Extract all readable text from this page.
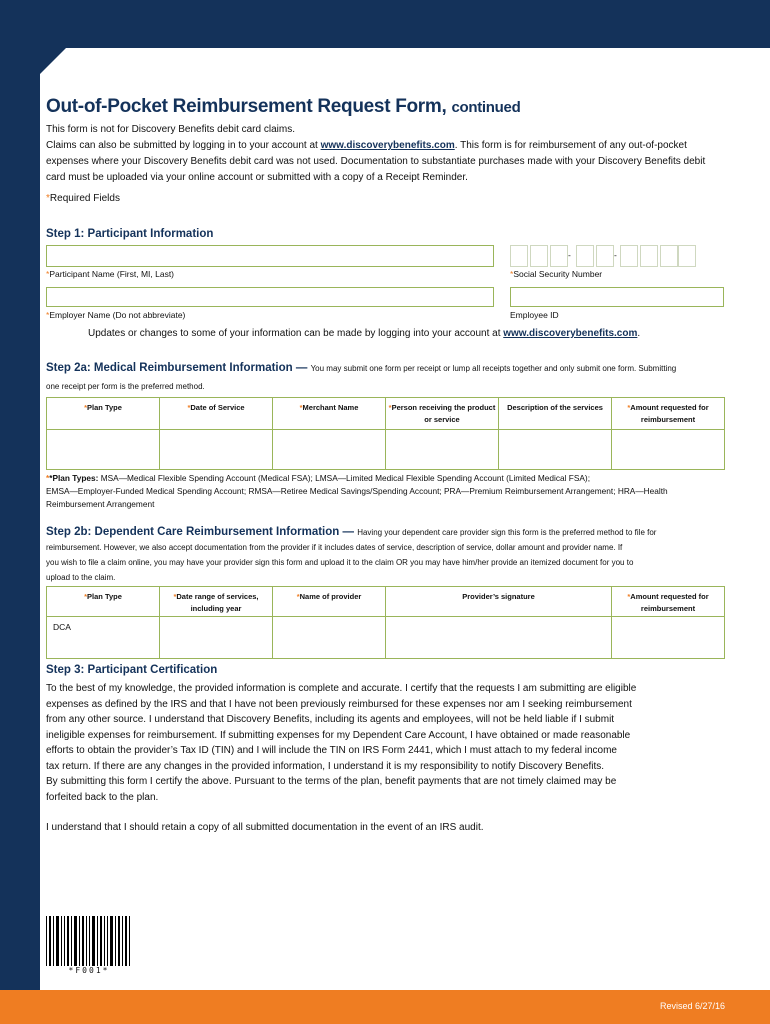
Out-of-Pocket Reimbursement Request Form, continued
This form is not for Discovery Benefits debit card claims.
Claims can also be submitted by logging in to your account at www.discoverybenefits.com. This form is for reimbursement of any out-of-pocket expenses where your Discovery Benefits debit card was not used. Documentation to substantiate purchases made with your Discovery Benefits debit card must be uploaded via your online account or submitted with a copy of a Receipt Reminder.
*Required Fields
Step 1: Participant Information
*Participant Name (First, MI, Last)
-	-
*Social Security Number
*Employer Name (Do not abbreviate)	Employee ID
Updates or changes to some of your information can be made by logging into your account at www.discoverybenefits.com.
Step 2a: Medical Reimbursement Information — You may submit one form per receipt or lump all receipts together and only submit one form. Submitting
one receipt per form is the preferred method.
*Plan Type	*Date of Service	*Merchant Name	*Person receiving the product or service	Description of the services	*Amount requested for reimbursement

**Plan Types: MSA—Medical Flexible Spending Account (Medical FSA); LMSA—Limited Medical Flexible Spending Account (Limited Medical FSA);
EMSA—Employer-Funded Medical Spending Account; RMSA—Retiree Medical Savings/Spending Account; PRA—Premium Reimbursement Arrangement; HRA—Health
Reimbursement Arrangement
Step 2b: Dependent Care Reimbursement Information — Having your dependent care provider sign this form is the preferred method to file for
reimbursement. However, we also accept documentation from the provider if it includes dates of service, description of service, dollar amount and provider name. If
you wish to file a claim online, you may have your provider sign this form and upload it to the claim OR you may have him/her provide an itemized document for you to
upload to the claim.
*Plan Type	*Date range of services, including year	*Name of provider	Provider’s signature	*Amount requested for reimbursement
DCA				
Step 3: Participant Certification
To the best of my knowledge, the provided information is complete and accurate. I certify that the requests I am submitting are eligible
expenses as defined by the IRS and that I have not been previously reimbursed for these expenses nor am I seeking reimbursement
from any other source. I understand that Discovery Benefits, including its agents and employees, will not be held liable if I submit
ineligible expenses for reimbursement. If submitting expenses for my Dependent Care Account, I have obtained or made reasonable
efforts to obtain the provider’s Tax ID (TIN) and I will include the TIN on IRS Form 2441, which I must attach to my federal income
tax return. If there are any changes in the provided information, I understand it is my responsibility to notify Discovery Benefits.
By submitting this form I certify the above. Pursuant to the terms of the plan, benefit payments that are not timely claimed may be
forfeited back to the plan.
I understand that I should retain a copy of all submitted documentation in the event of an IRS audit.
*F001*
Revised 6/27/16
